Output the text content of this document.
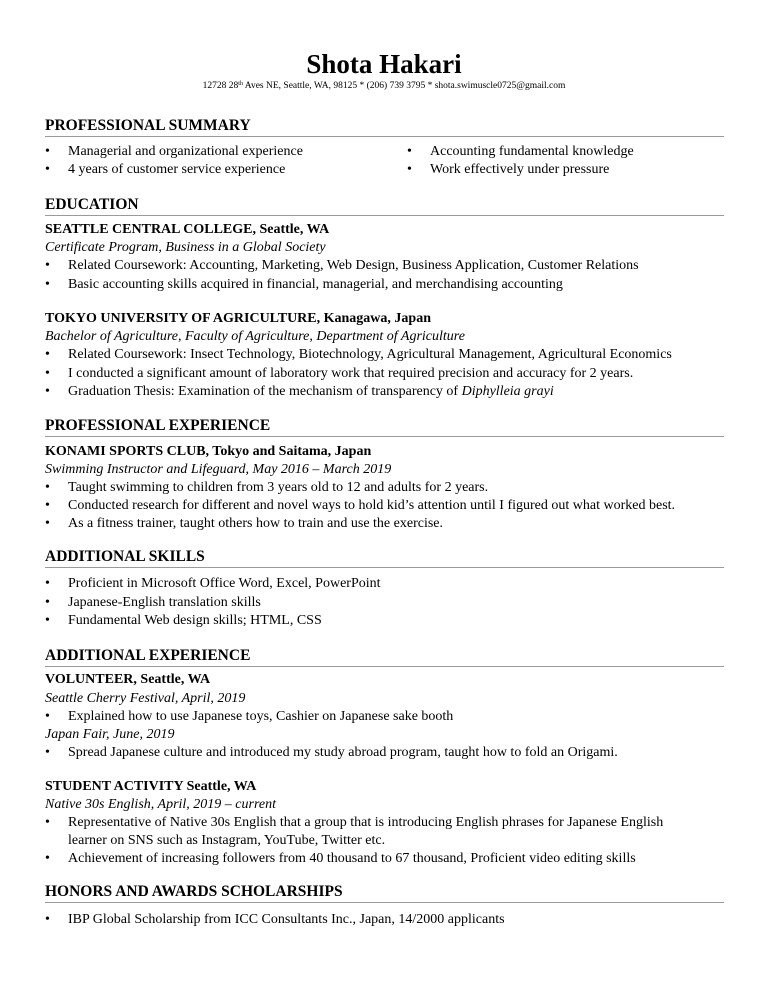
Shota Hakari
12728 28th Aves NE, Seattle, WA, 98125 * (206) 739 3795 * shota.swimuscle0725@gmail.com
PROFESSIONAL SUMMARY
• Managerial and organizational experience
• 4 years of customer service experience
• Accounting fundamental knowledge
• Work effectively under pressure
EDUCATION
SEATTLE CENTRAL COLLEGE, Seattle, WA
Certificate Program, Business in a Global Society
• Related Coursework: Accounting, Marketing, Web Design, Business Application, Customer Relations
• Basic accounting skills acquired in financial, managerial, and merchandising accounting
TOKYO UNIVERSITY OF AGRICULTURE, Kanagawa, Japan
Bachelor of Agriculture, Faculty of Agriculture, Department of Agriculture
• Related Coursework: Insect Technology, Biotechnology, Agricultural Management, Agricultural Economics
• I conducted a significant amount of laboratory work that required precision and accuracy for 2 years.
• Graduation Thesis: Examination of the mechanism of transparency of Diphylleia grayi
PROFESSIONAL EXPERIENCE
KONAMI SPORTS CLUB, Tokyo and Saitama, Japan
Swimming Instructor and Lifeguard, May 2016 – March 2019
• Taught swimming to children from 3 years old to 12 and adults for 2 years.
• Conducted research for different and novel ways to hold kid’s attention until I figured out what worked best.
• As a fitness trainer, taught others how to train and use the exercise.
ADDITIONAL SKILLS
• Proficient in Microsoft Office Word, Excel, PowerPoint
• Japanese-English translation skills
• Fundamental Web design skills; HTML, CSS
ADDITIONAL EXPERIENCE
VOLUNTEER, Seattle, WA
Seattle Cherry Festival, April, 2019
• Explained how to use Japanese toys, Cashier on Japanese sake booth
Japan Fair, June, 2019
• Spread Japanese culture and introduced my study abroad program, taught how to fold an Origami.
STUDENT ACTIVITY Seattle, WA
Native 30s English, April, 2019 – current
• Representative of Native 30s English that a group that is introducing English phrases for Japanese English
learner on SNS such as Instagram, YouTube, Twitter etc.
• Achievement of increasing followers from 40 thousand to 67 thousand, Proficient video editing skills
HONORS AND AWARDS SCHOLARSHIPS
• IBP Global Scholarship from ICC Consultants Inc., Japan, 14/2000 applicants
